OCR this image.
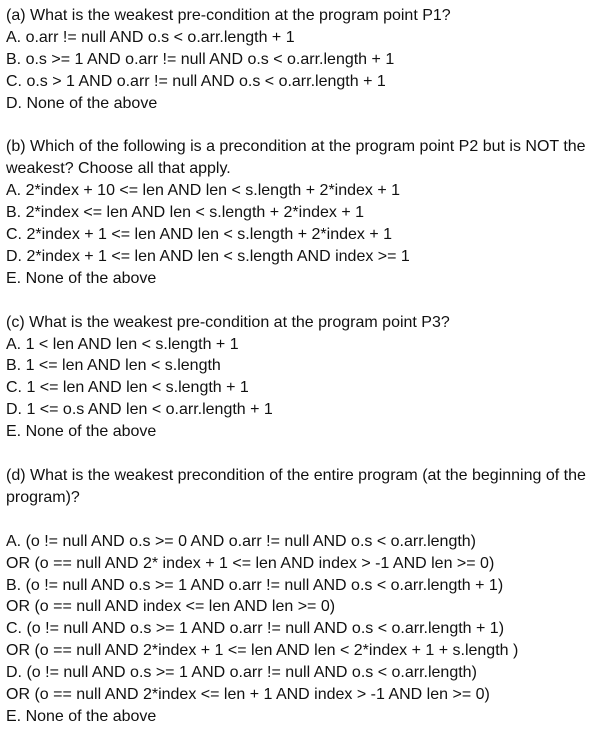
(a) What is the weakest pre-condition at the program point P1?
A. o.arr != null AND o.s < o.arr.length + 1
B. o.s >= 1 AND o.arr != null AND o.s < o.arr.length + 1
C. o.s > 1 AND o.arr != null AND o.s < o.arr.length + 1
D. None of the above
(b) Which of the following is a precondition at the program point P2 but is NOT the
weakest? Choose all that apply.
A. 2*index + 10 <= len AND len < s.length + 2*index + 1
B. 2*index <= len AND len < s.length + 2*index + 1
C. 2*index + 1 <= len AND len < s.length + 2*index + 1
D. 2*index + 1 <= len AND len < s.length AND index >= 1
E. None of the above
(c) What is the weakest pre-condition at the program point P3?
A. 1 < len AND len < s.length + 1
B. 1 <= len AND len < s.length
C. 1 <= len AND len < s.length + 1
D. 1 <= o.s AND len < o.arr.length + 1
E. None of the above
(d) What is the weakest precondition of the entire program (at the beginning of the
program)?
A. (o != null AND o.s >= 0 AND o.arr != null AND o.s < o.arr.length)
OR (o == null AND 2* index + 1 <= len AND index > -1 AND len >= 0)
B. (o != null AND o.s >= 1 AND o.arr != null AND o.s < o.arr.length + 1)
OR (o == null AND index <= len AND len >= 0)
C. (o != null AND o.s >= 1 AND o.arr != null AND o.s < o.arr.length + 1)
OR (o == null AND 2*index + 1 <= len AND len < 2*index + 1 + s.length )
D. (o != null AND o.s >= 1 AND o.arr != null AND o.s < o.arr.length)
OR (o == null AND 2*index <= len + 1 AND index > -1 AND len >= 0)
E. None of the above
